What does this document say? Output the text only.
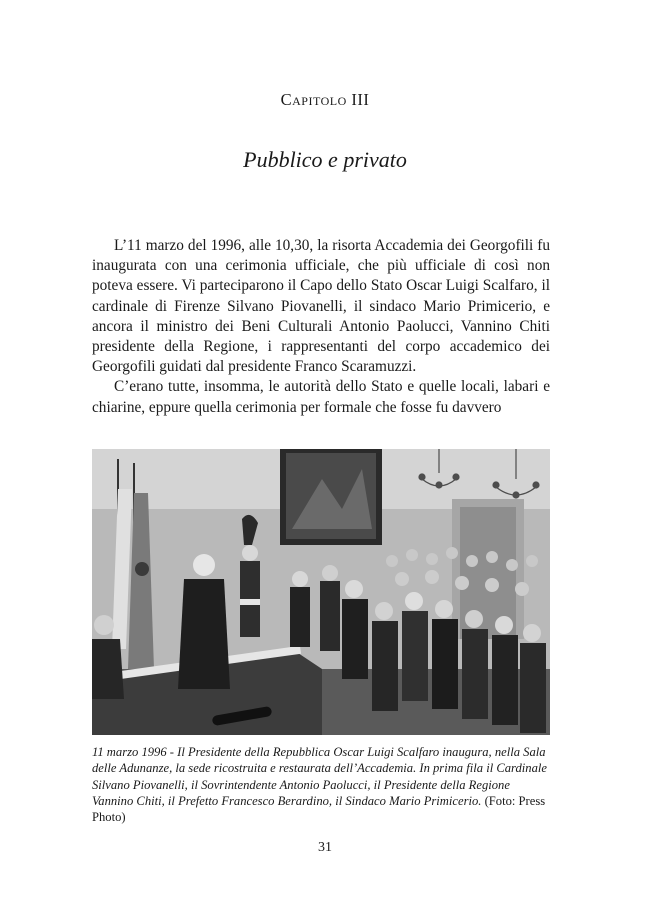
Capitolo III
Pubblico e privato

L’11 marzo del 1996, alle 10,30, la risorta Accademia dei Georgofili fu inaugurata con una cerimonia ufficiale, che più ufficiale di così non poteva essere. Vi parteciparono il Capo dello Stato Oscar Luigi Scalfaro, il cardinale di Firenze Silvano Piovanelli, il sindaco Mario Primicerio, e ancora il ministro dei Beni Culturali Antonio Paolucci, Vannino Chiti presidente della Regione, i rappresentanti del corpo accademico dei Georgofili guidati dal presidente Franco Scaramuzzi.

C’erano tutte, insomma, le autorità dello Stato e quelle locali, labari e chiarine, eppure quella cerimonia per formale che fosse fu davvero

11 marzo 1996 - Il Presidente della Repubblica Oscar Luigi Scalfaro inaugura, nella Sala delle Adunanze, la sede ricostruita e restaurata dell’Accademia. In prima fila il Cardinale Silvano Piovanelli, il Sovrintendente Antonio Paolucci, il Presidente della Regione Vannino Chiti, il Prefetto Francesco Berardino, il Sindaco Mario Primicerio. (Foto: Press Photo)
31
